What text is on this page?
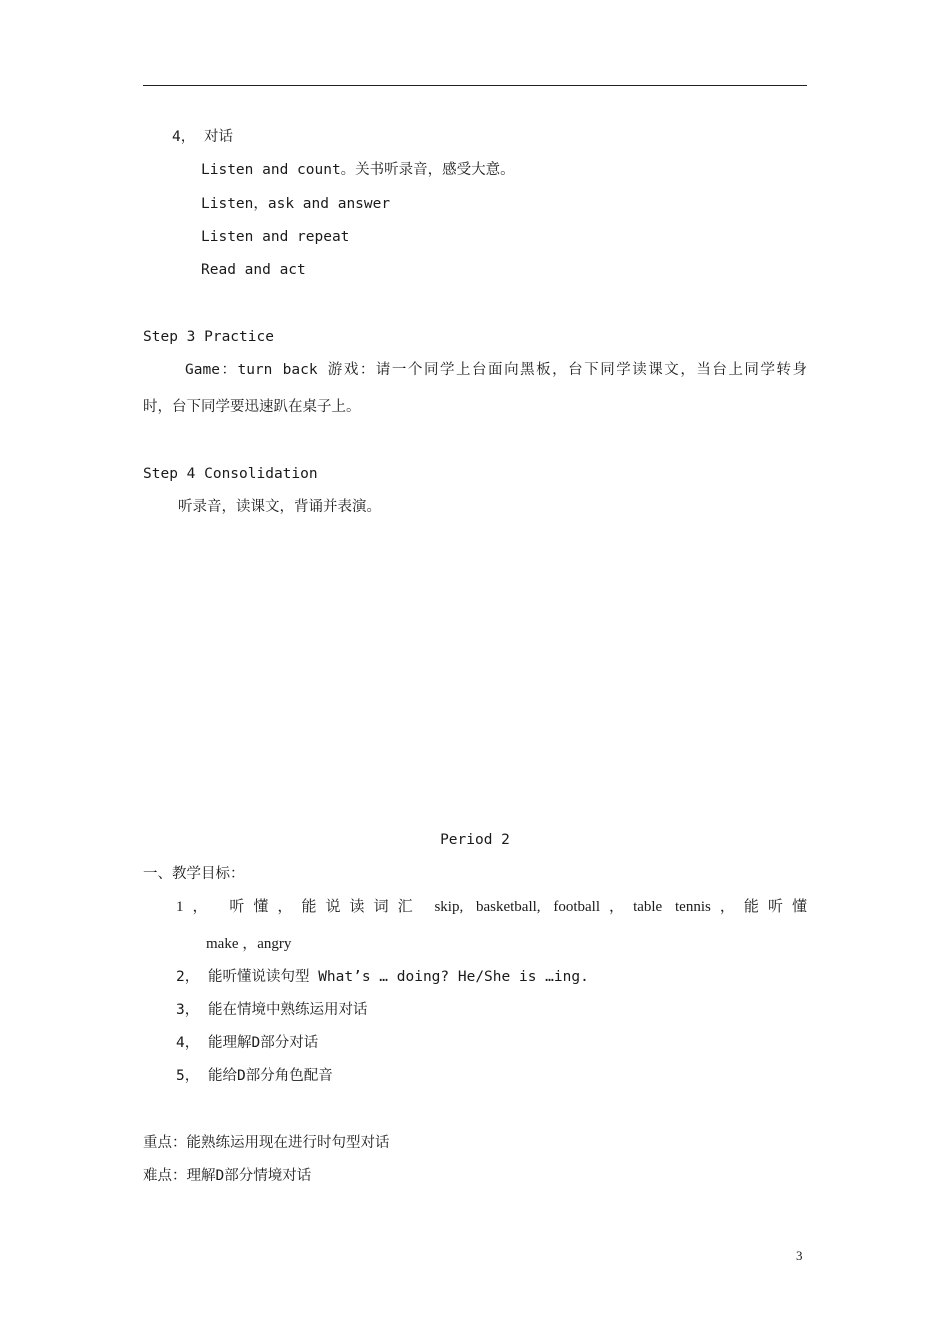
4， 对话
Listen and count。关书听录音，感受大意。
Listen，ask and answer
Listen and repeat
Read and act
Step 3 Practice
Game：turn back 游戏：请一个同学上台面向黑板，台下同学读课文，当台上同学转身
时，台下同学要迅速趴在桌子上。
Step 4 Consolidation
听录音，读课文，背诵并表演。
Period 2
一、教学目标：
1， 听懂，能说读词汇 skip, basketball, football，table tennis，能听懂
make ，angry
2， 能听懂说读句型 What’s … doing? He/She is …ing.
3， 能在情境中熟练运用对话
4， 能理解D部分对话
5， 能给D部分角色配音
重点：能熟练运用现在进行时句型对话
难点：理解D部分情境对话
3
